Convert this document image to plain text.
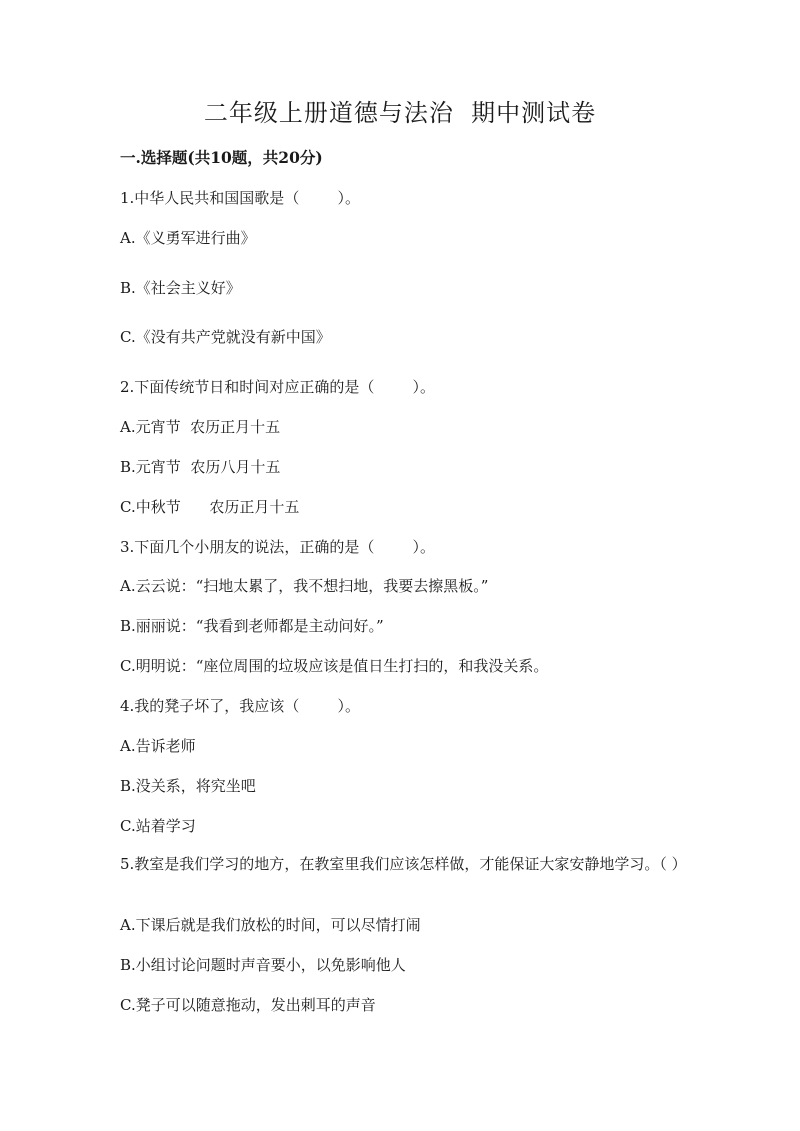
二年级上册道德与法治  期中测试卷
一.选择题(共10题，共20分)
1.中华人民共和国国歌是（        ）。
A.《义勇军进行曲》
B.《社会主义好》
C.《没有共产党就没有新中国》
2.下面传统节日和时间对应正确的是（        ）。
A.元宵节  农历正月十五
B.元宵节  农历八月十五
C.中秋节      农历正月十五
3.下面几个小朋友的说法，正确的是（        ）。
A.云云说：“扫地太累了，我不想扫地，我要去擦黑板。”
B.丽丽说：“我看到老师都是主动问好。”
C.明明说：“座位周围的垃圾应该是值日生打扫的，和我没关系。
4.我的凳子坏了，我应该（        ）。
A.告诉老师
B.没关系，将究坐吧
C.站着学习
5.教室是我们学习的地方，在教室里我们应该怎样做，才能保证大家安静地学习。（ ）
A.下课后就是我们放松的时间，可以尽情打闹
B.小组讨论问题时声音要小，以免影响他人
C.凳子可以随意拖动，发出刺耳的声音
